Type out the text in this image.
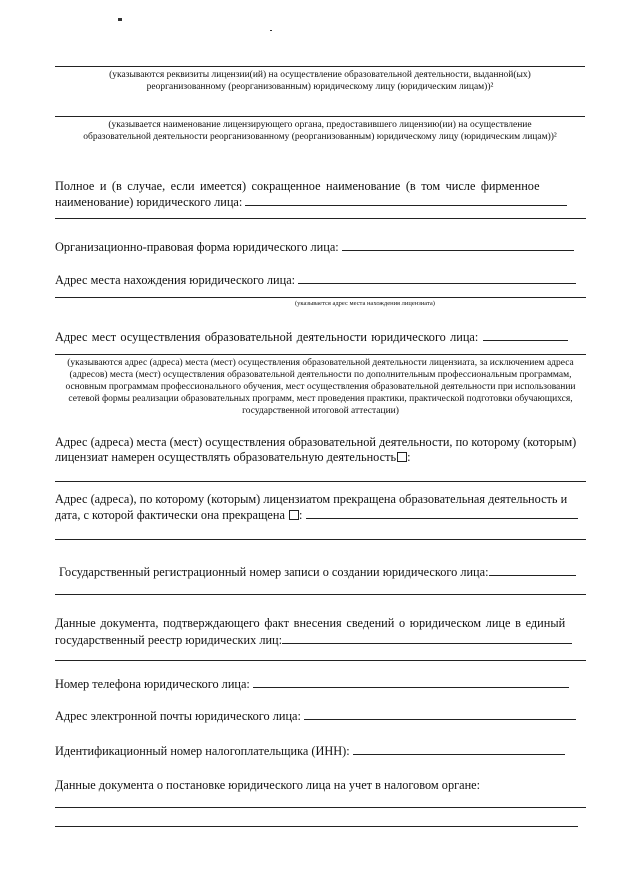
(указываются реквизиты лицензии(ий) на осуществление образовательной деятельности, выданной(ых) реорганизованному (реорганизованным) юридическому лицу (юридическим лицам))²
(указывается наименование лицензирующего органа, предоставившего лицензию(ии) на осуществление образовательной деятельности реорганизованному (реорганизованным) юридическому лицу (юридическим лицам))²
Полное и (в случае, если имеется) сокращенное наименование (в том числе фирменное
наименование) юридического лица:
Организационно-правовая форма юридического лица:
Адрес места нахождения юридического лица:
(указывается адрес места нахождения лицензиата)
Адрес мест осуществления образовательной деятельности юридического лица:
(указываются адрес (адреса) места (мест) осуществления образовательной деятельности лицензиата, за исключением адреса (адресов) места (мест) осуществления образовательной деятельности по дополнительным профессиональным программам, основным программам профессионального обучения, мест осуществления образовательной деятельности при использовании сетевой формы реализации образовательных программ, мест проведения практики, практической подготовки обучающихся, государственной итоговой аттестации)
Адрес (адреса) места (мест) осуществления образовательной деятельности, по которому (которым)
лицензиат намерен осуществлять образовательную деятельность :
Адрес (адреса), по которому (которым) лицензиатом прекращена образовательная деятельность и
дата, с которой фактически она прекращена :
Государственный регистрационный номер записи о создании юридического лица:
Данные документа, подтверждающего факт внесения сведений о юридическом лице в единый
государственный реестр юридических лиц:
Номер телефона юридического лица:
Адрес электронной почты юридического лица:
Идентификационный номер налогоплательщика (ИНН):
Данные документа о постановке юридического лица на учет в налоговом органе:
